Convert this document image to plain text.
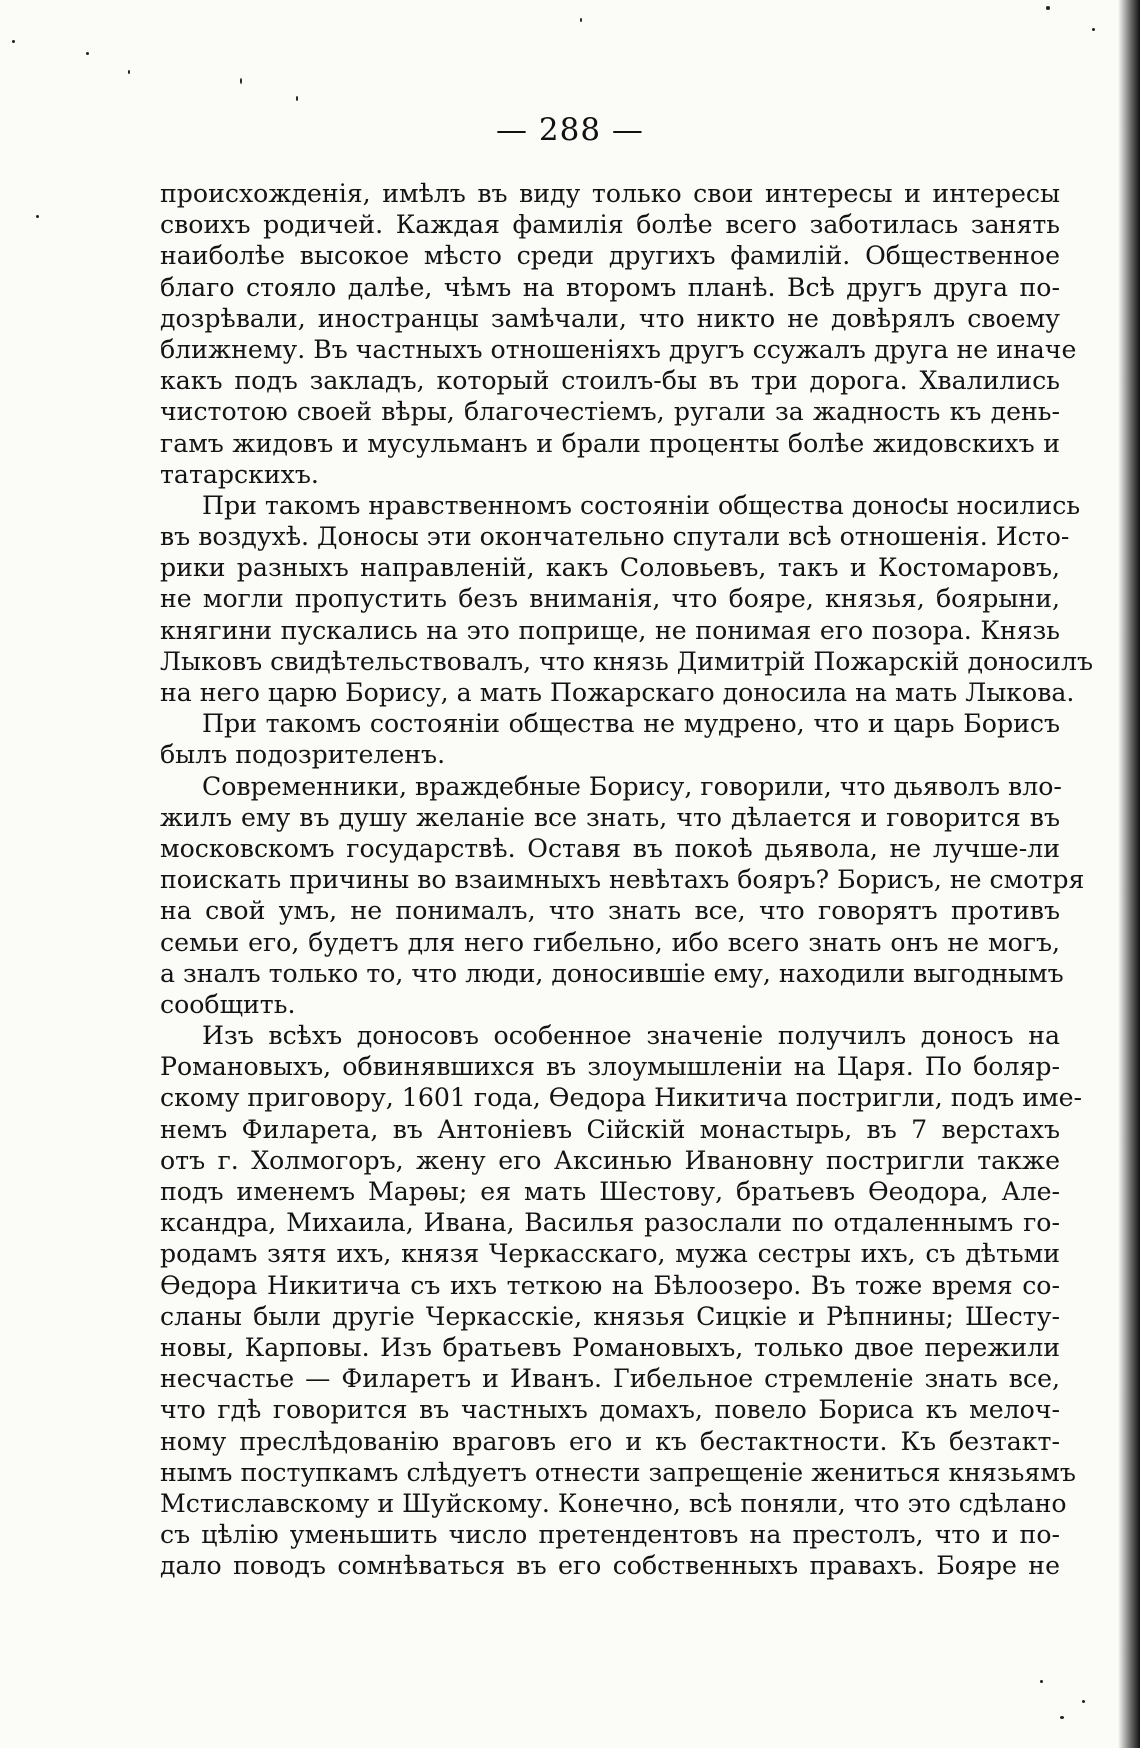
— 288 —
происхожденія, имѣлъ въ виду только свои интересы и интересы
своихъ родичей. Каждая фамилія болѣе всего заботилась занять
наиболѣе высокое мѣсто среди другихъ фамилій. Общественное
благо стояло далѣе, чѣмъ на второмъ планѣ. Всѣ другъ друга по-
дозрѣвали, иностранцы замѣчали, что никто не довѣрялъ своему
ближнему. Въ частныхъ отношеніяхъ другъ ссужалъ друга не иначе
какъ подъ закладъ, который стоилъ-бы въ три дорога. Хвалились
чистотою своей вѣры, благочестіемъ, ругали за жадность къ день-
гамъ жидовъ и мусульманъ и брали проценты болѣе жидовскихъ и
татарскихъ.
При такомъ нравственномъ состояніи общества доносы носились
въ воздухѣ. Доносы эти окончательно спутали всѣ отношенія. Исто-
рики разныхъ направленій, какъ Соловьевъ, такъ и Костомаровъ,
не могли пропустить безъ вниманія, что бояре, князья, боярыни,
княгини пускались на это поприще, не понимая его позора. Князь
Лыковъ свидѣтельствовалъ, что князь Димитрій Пожарскій доносилъ
на него царю Борису, а мать Пожарскаго доносила на мать Лыкова.
При такомъ состояніи общества не мудрено, что и царь Борисъ
былъ подозрителенъ.
Современники, враждебные Борису, говорили, что дьяволъ вло-
жилъ ему въ душу желаніе все знать, что дѣлается и говорится въ
московскомъ государствѣ. Оставя въ покоѣ дьявола, не лучше-ли
поискать причины во взаимныхъ невѣтахъ бояръ? Борисъ, не смотря
на свой умъ, не понималъ, что знать все, что говорятъ противъ
семьи его, будетъ для него гибельно, ибо всего знать онъ не могъ,
а зналъ только то, что люди, доносившіе ему, находили выгоднымъ
сообщить.
Изъ всѣхъ доносовъ особенное значеніе получилъ доносъ на
Романовыхъ, обвинявшихся въ злоумышленіи на Царя. По боляр-
скому приговору, 1601 года, Ѳедора Никитича постригли, подъ име-
немъ Филарета, въ Антоніевъ Сійскій монастырь, въ 7 верстахъ
отъ г. Холмогоръ, жену его Аксинью Ивановну постригли также
подъ именемъ Марѳы; ея мать Шестову, братьевъ Ѳеодора, Але-
ксандра, Михаила, Ивана, Василья разослали по отдаленнымъ го-
родамъ зятя ихъ, князя Черкасскаго, мужа сестры ихъ, съ дѣтьми
Ѳедора Никитича съ ихъ теткою на Бѣлоозеро. Въ тоже время со-
сланы были другіе Черкасскіе, князья Сицкіе и Рѣпнины; Шесту-
новы, Карповы. Изъ братьевъ Романовыхъ, только двое пережили
несчастье — Филаретъ и Иванъ. Гибельное стремленіе знать все,
что гдѣ говорится въ частныхъ домахъ, повело Бориса къ мелоч-
ному преслѣдованію враговъ его и къ бестактности. Къ безтакт-
нымъ поступкамъ слѣдуетъ отнести запрещеніе жениться князьямъ
Мстиславскому и Шуйскому. Конечно, всѣ поняли, что это сдѣлано
съ цѣлію уменьшить число претендентовъ на престолъ, что и по-
дало поводъ сомнѣваться въ его собственныхъ правахъ. Бояре не
